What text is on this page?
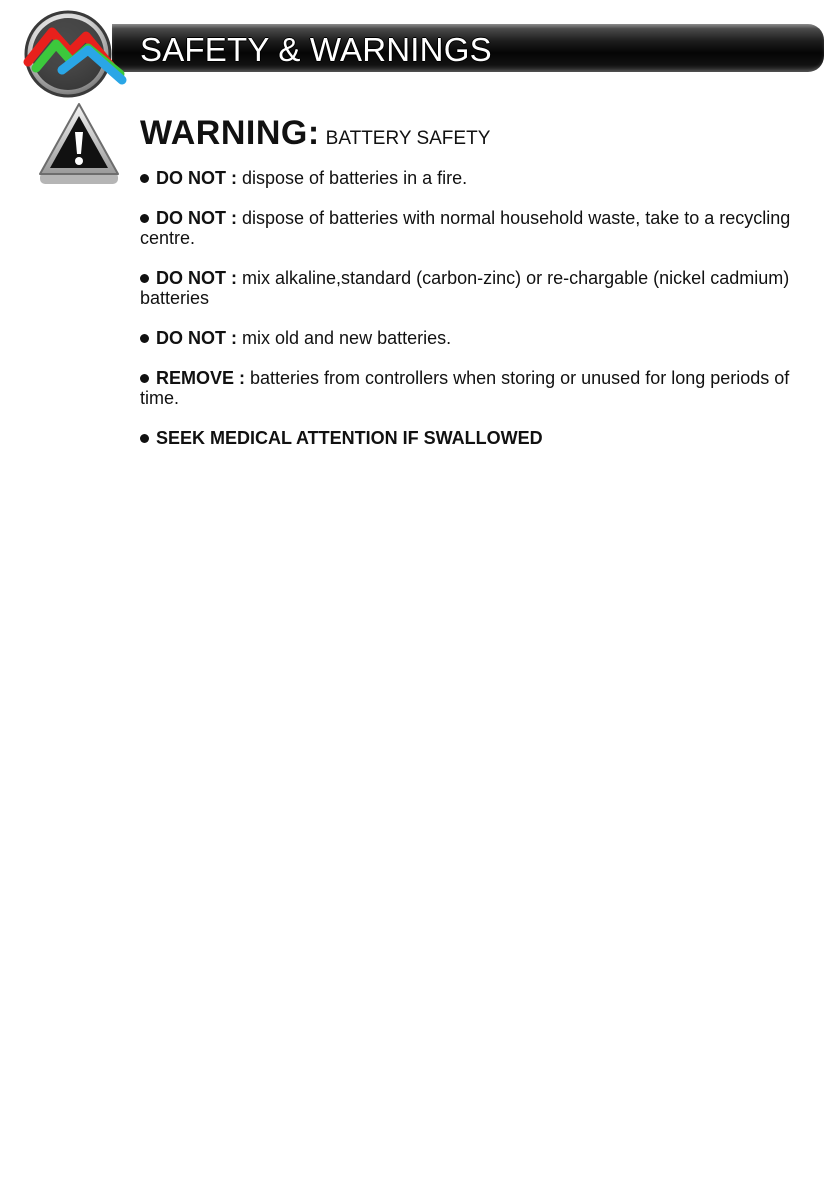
SAFETY & WARNINGS
WARNING: BATTERY SAFETY
DO NOT : dispose of batteries in a fire.
DO NOT : dispose of batteries with normal household waste, take to a recycling centre.
DO NOT : mix alkaline,standard (carbon-zinc) or re-chargable (nickel cadmium) batteries
DO NOT : mix old and new batteries.
REMOVE : batteries from controllers when storing or unused for long periods of time.
SEEK MEDICAL ATTENTION IF SWALLOWED
